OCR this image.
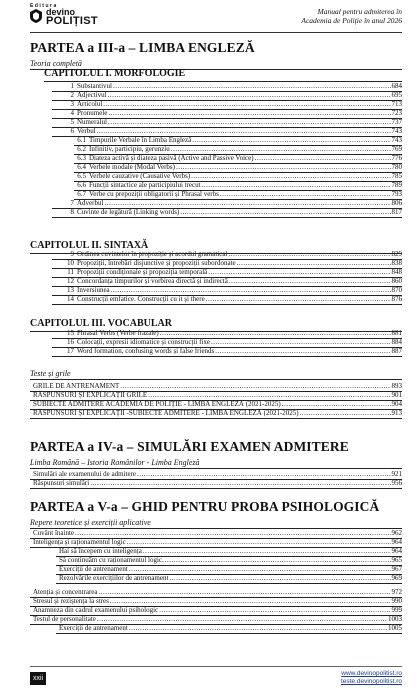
Editura
devino
POLIȚIST
Manual pentru admiterea în
Academia de Poliție în anul 2026
PARTEA a III-a – LIMBA ENGLEZĂ
Teoria completă
CAPITOLUL I. MORFOLOGIE
1 Substantivul .....	684
2 Adjectivul .....	695
3 Articolul .....	713
4 Pronumele .....	723
5 Numeralul .....	737
6 Verbul .....	743
6.1 Timpurile Verbale în Limba Engleză .....	743
6.2 Infinitiv, participiu, gerunziu .....	769
6.3 Diateza activă și diateza pasivă (Active and Passive Voice) .....	776
6.4 Verbele modale (Modal Verbs) .....	780
6.5 Verbele cauzative (Causative Verbs) .....	785
6.6 Funcții sintactice ale participiului trecut .....	789
6.7 Verbe cu prepoziții obligatorii și Phrasal verbs .....	793
7 Adverbul .....	806
8 Cuvinte de legătură (Linking words) .....	817
9 Ordinea cuvintelor în propoziție și acordul gramatical .....	829
10 Propoziții, întrebări disjunctive și propoziții subordonate .....	838
11 Propoziții condiționale și propoziția temporală .....	848
12 Concordanța timpurilor și vorbirea directă și indirectă .....	860
13 Inversiunea .....	870
14 Construcții emfatice. Construcții cu it și there .....	876
15 Phrasal Verbs (Verbe frazale) .....	881
16 Colocații, expresii idiomatice și construcții fixe .....	884
17 Word formation, confusing words și false friends .....	887
CAPITOLUL II. SINTAXĂ
CAPITOLUL III. VOCABULAR
Teste și grile
GRILE DE ANTRENAMENT .....	893
RĂSPUNSURI ȘI EXPLICAȚII GRILE .....	901
SUBIECTE ADMITERE ACADEMIA DE POLIȚIE - LIMBA ENGLEZĂ (2021-2025) .....	904
RĂSPUNSURI ȘI EXPLICAȚII -SUBIECTE ADMITERE - LIMBA ENGLEZĂ (2021-2025) .....	913
PARTEA a IV-a – SIMULĂRI EXAMEN ADMITERE
Limba Română – Istoria Românilor - Limba Engleză
Simulări ale examenului de admitere .....	921
Răspunsuri simulări .....	956
PARTEA a V-a – GHID PENTRU PROBA PSIHOLOGICĂ
Repere teoretice și exerciții aplicative
Cuvânt înainte .....	962
Inteligența și raționamentul logic .....	964
Hai să începem cu inteligența .....	964
Să continuăm cu raționamentul logic. .....	965
Exerciții de antrenament .....	967
Rezolvările exercițiilor de antrenament .....	969
Atenția și concentrarea .....	972
Stresul și reziștența la stres .....	990
Anamneza din cadrul examenului psihologic .....	999
Testul de personalitate .....	1003
Exerciții de antrenament .....	1005
xxii
www.devinopolitist.ro
teste.devinopolitist.ro
